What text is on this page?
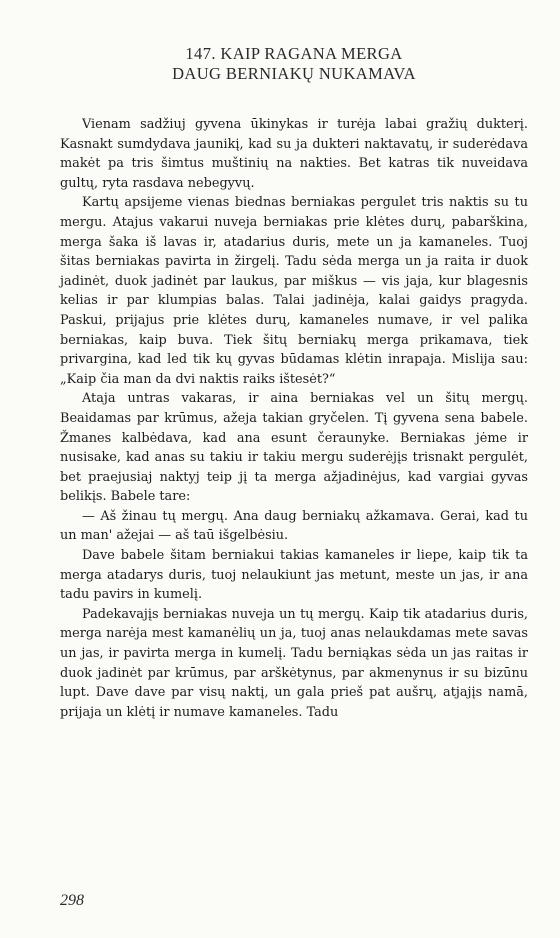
147. KAIP RAGANA MERGA
DAUG BERNIAKŲ NUKAMAVA

Vienam sadžiuj gyvena ūkinykas ir turėja labai gražių dukterį. Kasnakt sumdydava jaunikį, kad su ja dukteri naktavatų, ir suderėdava makėt pa tris šimtus muštinių na nakties. Bet katras tik nuveidava gultų, ryta rasdava nebegyvų.

Kartų apsijeme vienas biednas berniakas pergulet tris naktis su tu mergu. Atajus vakarui nuveja berniakas prie klėtes durų, pabarškina, merga šaka iš lavas ir, atadarius duris, mete un ja kamaneles. Tuoj šitas berniakas pavirta in žirgelį. Tadu sėda merga un ja raita ir duok jadinėt, duok jadinėt par laukus, par miškus — vis jaja, kur blagesnis kelias ir par klumpias balas. Talai jadinėja, kalai gaidys pragyda. Paskui, prijajus prie klėtes durų, kamaneles numave, ir vel palika berniakas, kaip buva. Tiek šitų berniakų merga prikamava, tiek privargina, kad led tik kų gyvas būdamas klėtin inrapaja. Mislija sau: „Kaip čia man da dvi naktis raiks ištesėt?“

Ataja untras vakaras, ir aina berniakas vel un šitų mergų. Beaidamas par krūmus, ažeja takian gryčelen. Tį gyvena sena babele. Žmanes kalbėdava, kad ana esunt čeraunyke. Berniakas jėme ir nusisake, kad anas su takiu ir takiu mergu suderėjįs trisnakt pergulėt, bet praejusiaj naktyj teip jį ta merga ažjadinėjus, kad vargiai gyvas belikįs. Babele tare:

— Aš žinau tų mergų. Ana daug berniakų ažkamava. Gerai, kad tu un man' ažejai — aš taū išgelbėsiu.

Dave babele šitam berniakui takias kamaneles ir liepe, kaip tik ta merga atadarys duris, tuoj nelaukiunt jas metunt, meste un jas, ir ana tadu pavirs in kumelį.

Padekavajįs berniakas nuveja un tų mergų. Kaip tik atadarius duris, merga narėja mest kamanėlių un ja, tuoj anas nelaukdamas mete savas un jas, ir pavirta merga in kumelį. Tadu berniąkas sėda un jas raitas ir duok jadinėt par krūmus, par arškėtynus, par akmenynus ir su bizūnu lupt. Dave dave par visų naktį, un gala prieš pat aušrų, atjajįs namā, prijaja un klėtį ir numave kamaneles. Tadu

298
